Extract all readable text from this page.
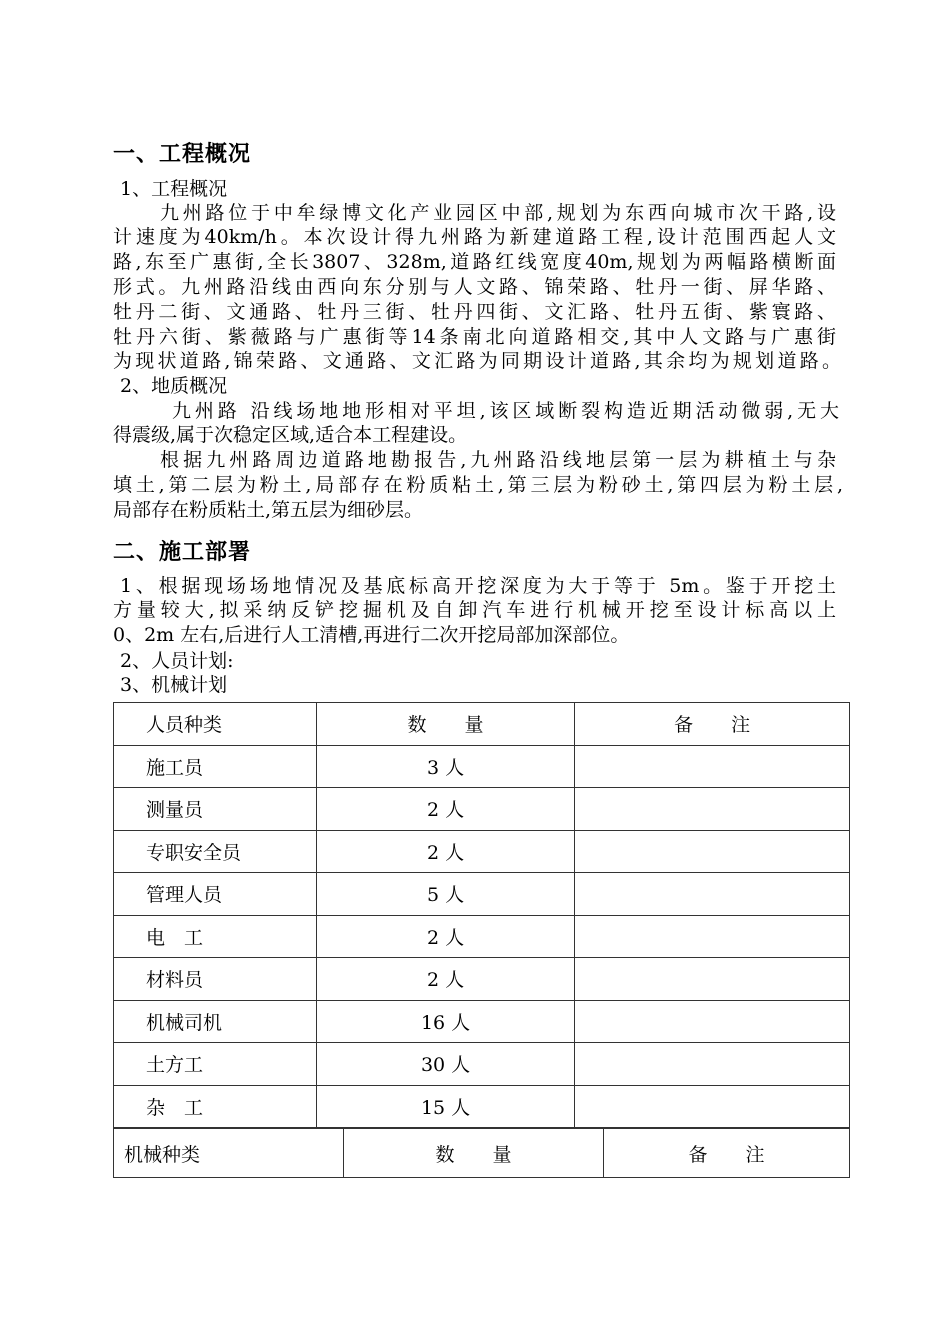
一、工程概况
1、工程概况
九州路位于中牟绿博文化产业园区中部,规划为东西向城市次干路,设
计速度为40km/h。本次设计得九州路为新建道路工程,设计范围西起人文
路,东至广惠街,全长3807、328m,道路红线宽度40m,规划为两幅路横断面
形式。九州路沿线由西向东分别与人文路、锦荣路、牡丹一街、屏华路、
牡丹二街、文通路、牡丹三街、牡丹四街、文汇路、牡丹五街、紫寰路、
牡丹六街、紫薇路与广惠街等14条南北向道路相交,其中人文路与广惠街
为现状道路,锦荣路、文通路、文汇路为同期设计道路,其余均为规划道路。
2、地质概况
九州路 沿线场地地形相对平坦,该区域断裂构造近期活动微弱,无大
得震级,属于次稳定区域,适合本工程建设。
根据九州路周边道路地勘报告,九州路沿线地层第一层为耕植土与杂
填土,第二层为粉土,局部存在粉质粘土,第三层为粉砂土,第四层为粉土层,
局部存在粉质粘土,第五层为细砂层。
二、施工部署
1、根据现场场地情况及基底标高开挖深度为大于等于 5m。鉴于开挖土
方量较大,拟采纳反铲挖掘机及自卸汽车进行机械开挖至设计标高以上
0、2m 左右,后进行人工清槽,再进行二次开挖局部加深部位。
2、人员计划:
3、机械计划
人员种类	数　　量	备　　注
施工员	3 人	
测量员	2 人	
专职安全员	2 人	
管理人员	5 人	
电　工	2 人	
材料员	2 人	
机械司机	16 人	
土方工	30 人	
杂　工	15 人	
机械种类	数　　量	备　　注
